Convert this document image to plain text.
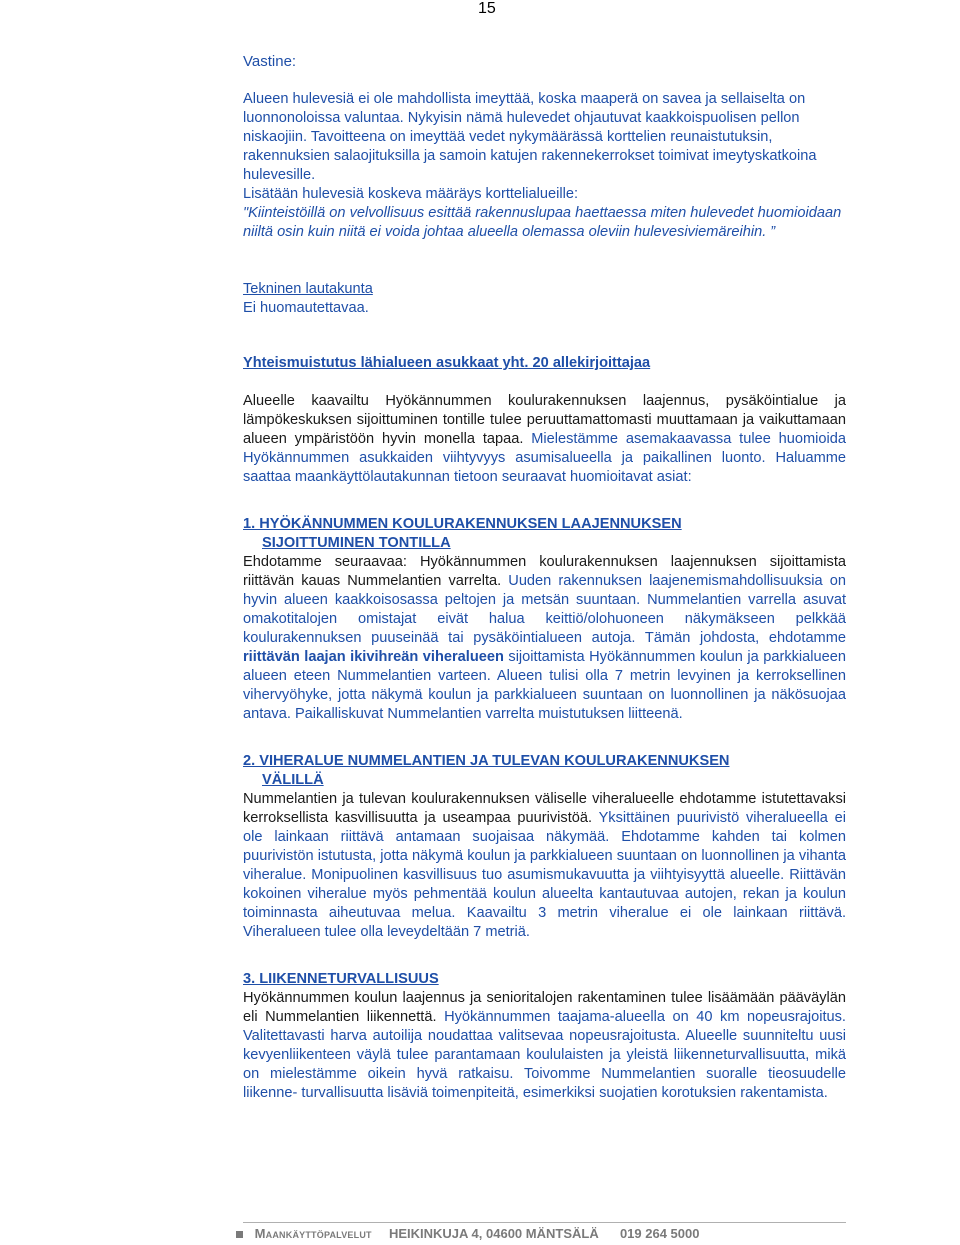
15

Vastine:

Alueen hulevesiä ei ole mahdollista imeyttää, koska maaperä on savea ja sellaiselta on luonnonoloissa valuntaa. Nykyisin nämä hulevedet ohjautuvat kaakkoispuolisen pellon niskaojiin. Tavoitteena on imeyttää vedet nykymäärässä korttelien reunaistutuksin, rakennuksien salaojituksilla ja samoin katujen rakennekerrokset toimivat imeytyskatkoina hulevesille.

Lisätään hulevesiä koskeva määräys korttelialueille:

"Kiinteistöillä on velvollisuus esittää rakennuslupaa haettaessa miten hulevedet huomioidaan niiltä osin kuin niitä ei voida johtaa alueella olemassa oleviin hulevesiviemäreihin. ”

Tekninen lautakunta

Ei huomautettavaa.

Yhteismuistutus lähialueen asukkaat yht. 20 allekirjoittajaa

Alueelle kaavailtu Hyökännummen koulurakennuksen laajennus, pysäköintialue ja lämpökeskuksen sijoittuminen tontille tulee peruuttamattomasti muuttamaan ja vaikuttamaan alueen ympäristöön hyvin monella tapaa. Mielestämme asemakaavassa tulee huomioida Hyökännummen asukkaiden viihtyvyys asumisalueella ja paikallinen luonto. Haluamme saattaa maankäyttölautakunnan tietoon seuraavat huomioitavat asiat:

1. HYÖKÄNNUMMEN KOULURAKENNUKSEN LAAJENNUKSEN
SIJOITTUMINEN TONTILLA

Ehdotamme seuraavaa: Hyökännummen koulurakennuksen laajennuksen sijoittamista riittävän kauas Nummelantien varrelta. Uuden rakennuksen laajenemismahdollisuuksia on hyvin alueen kaakkoisosassa peltojen ja metsän suuntaan. Nummelantien varrella asuvat omakotitalojen omistajat eivät halua keittiö/olohuoneen näkymäkseen pelkkää koulurakennuksen puuseinää tai pysäköintialueen autoja. Tämän johdosta, ehdotamme riittävän laajan ikivihreän viheralueen sijoittamista Hyökännummen koulun ja parkkialueen alueen eteen Nummelantien varteen. Alueen tulisi olla 7 metrin levyinen ja kerroksellinen vihervyöhyke, jotta näkymä koulun ja parkkialueen suuntaan on luonnollinen ja näkösuojaa antava. Paikalliskuvat Nummelantien varrelta muistutuksen liitteenä.

2. VIHERALUE NUMMELANTIEN JA TULEVAN KOULURAKENNUKSEN
VÄLILLÄ

Nummelantien ja tulevan koulurakennuksen väliselle viheralueelle ehdotamme istutettavaksi kerroksellista kasvillisuutta ja useampaa puurivistöä. Yksittäinen puurivistö viheralueella ei ole lainkaan riittävä antamaan suojaisaa näkymää. Ehdotamme kahden tai kolmen puurivistön istutusta, jotta näkymä koulun ja parkkialueen suuntaan on luonnollinen ja vihanta viheralue. Monipuolinen kasvillisuus tuo asumismukavuutta ja viihtyisyyttä alueelle. Riittävän kokoinen viheralue myös pehmentää koulun alueelta kantautuvaa autojen, rekan ja koulun toiminnasta aiheutuvaa melua. Kaavailtu 3 metrin viheralue ei ole lainkaan riittävä. Viheralueen tulee olla leveydeltään 7 metriä.

3. LIIKENNETURVALLISUUS

Hyökännummen koulun laajennus ja senioritalojen rakentaminen tulee lisäämään pääväylän eli Nummelantien liikennettä. Hyökännummen taajama-alueella on 40 km nopeusrajoitus. Valitettavasti harva autoilija noudattaa valitsevaa nopeusrajoitusta. Alueelle suunniteltu uusi kevyenliikenteen väylä tulee parantamaan koululaisten ja yleistä liikenneturvallisuutta, mikä on mielestämme oikein hyvä ratkaisu. Toivomme Nummelantien suoralle tieosuudelle liikenne- turvallisuutta lisäviä toimenpiteitä, esimerkiksi suojatien korotuksien rakentamista.

Maankäyttöpalvelut HEIKINKUJA 4, 04600 MÄNTSÄLÄ 019 264 5000
